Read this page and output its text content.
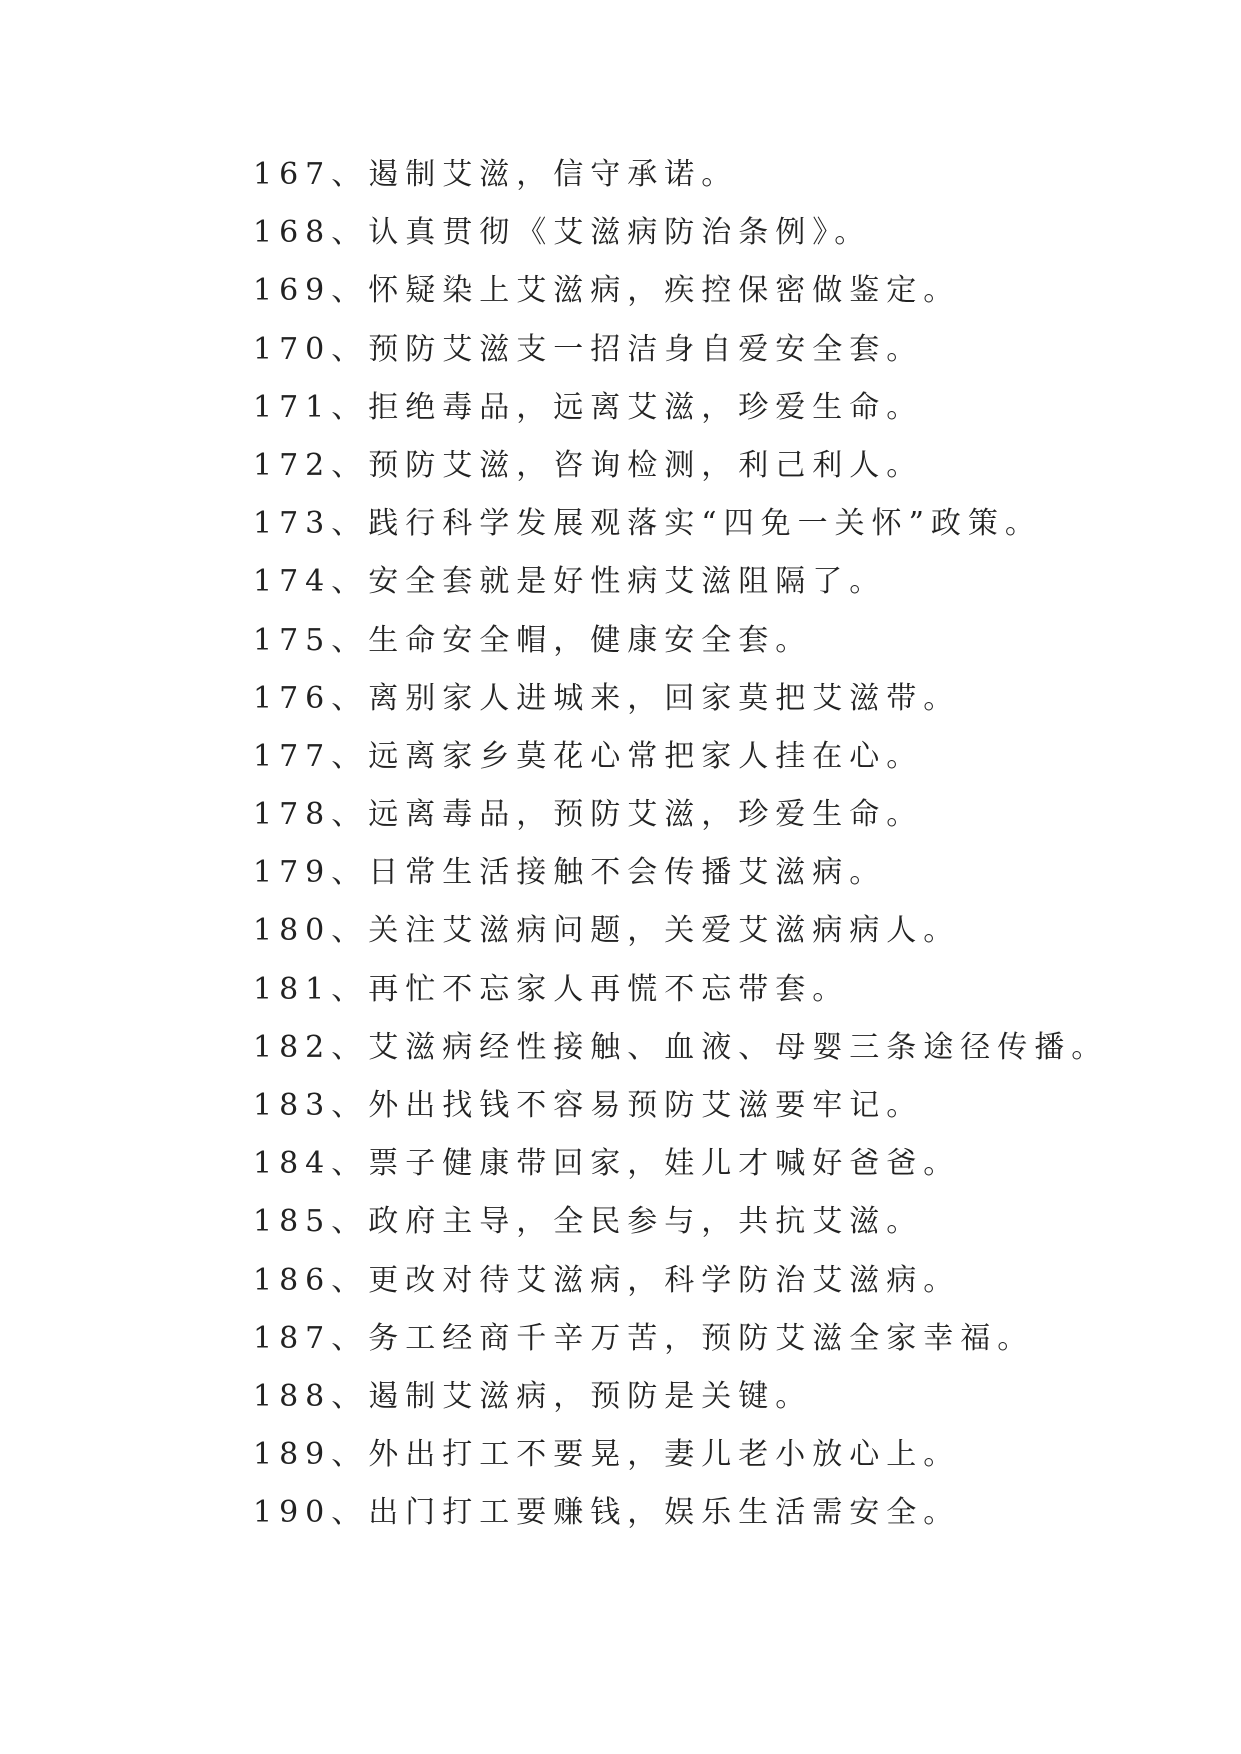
167、遏制艾滋，信守承诺。
168、认真贯彻《艾滋病防治条例》。
169、怀疑染上艾滋病，疾控保密做鉴定。
170、预防艾滋支一招洁身自爱安全套。
171、拒绝毒品，远离艾滋，珍爱生命。
172、预防艾滋，咨询检测，利己利人。
173、践行科学发展观落实“四免一关怀”政策。
174、安全套就是好性病艾滋阻隔了。
175、生命安全帽，健康安全套。
176、离别家人进城来，回家莫把艾滋带。
177、远离家乡莫花心常把家人挂在心。
178、远离毒品，预防艾滋，珍爱生命。
179、日常生活接触不会传播艾滋病。
180、关注艾滋病问题，关爱艾滋病病人。
181、再忙不忘家人再慌不忘带套。
182、艾滋病经性接触、血液、母婴三条途径传播。
183、外出找钱不容易预防艾滋要牢记。
184、票子健康带回家，娃儿才喊好爸爸。
185、政府主导，全民参与，共抗艾滋。
186、更改对待艾滋病，科学防治艾滋病。
187、务工经商千辛万苦，预防艾滋全家幸福。
188、遏制艾滋病，预防是关键。
189、外出打工不要晃，妻儿老小放心上。
190、出门打工要赚钱，娱乐生活需安全。
